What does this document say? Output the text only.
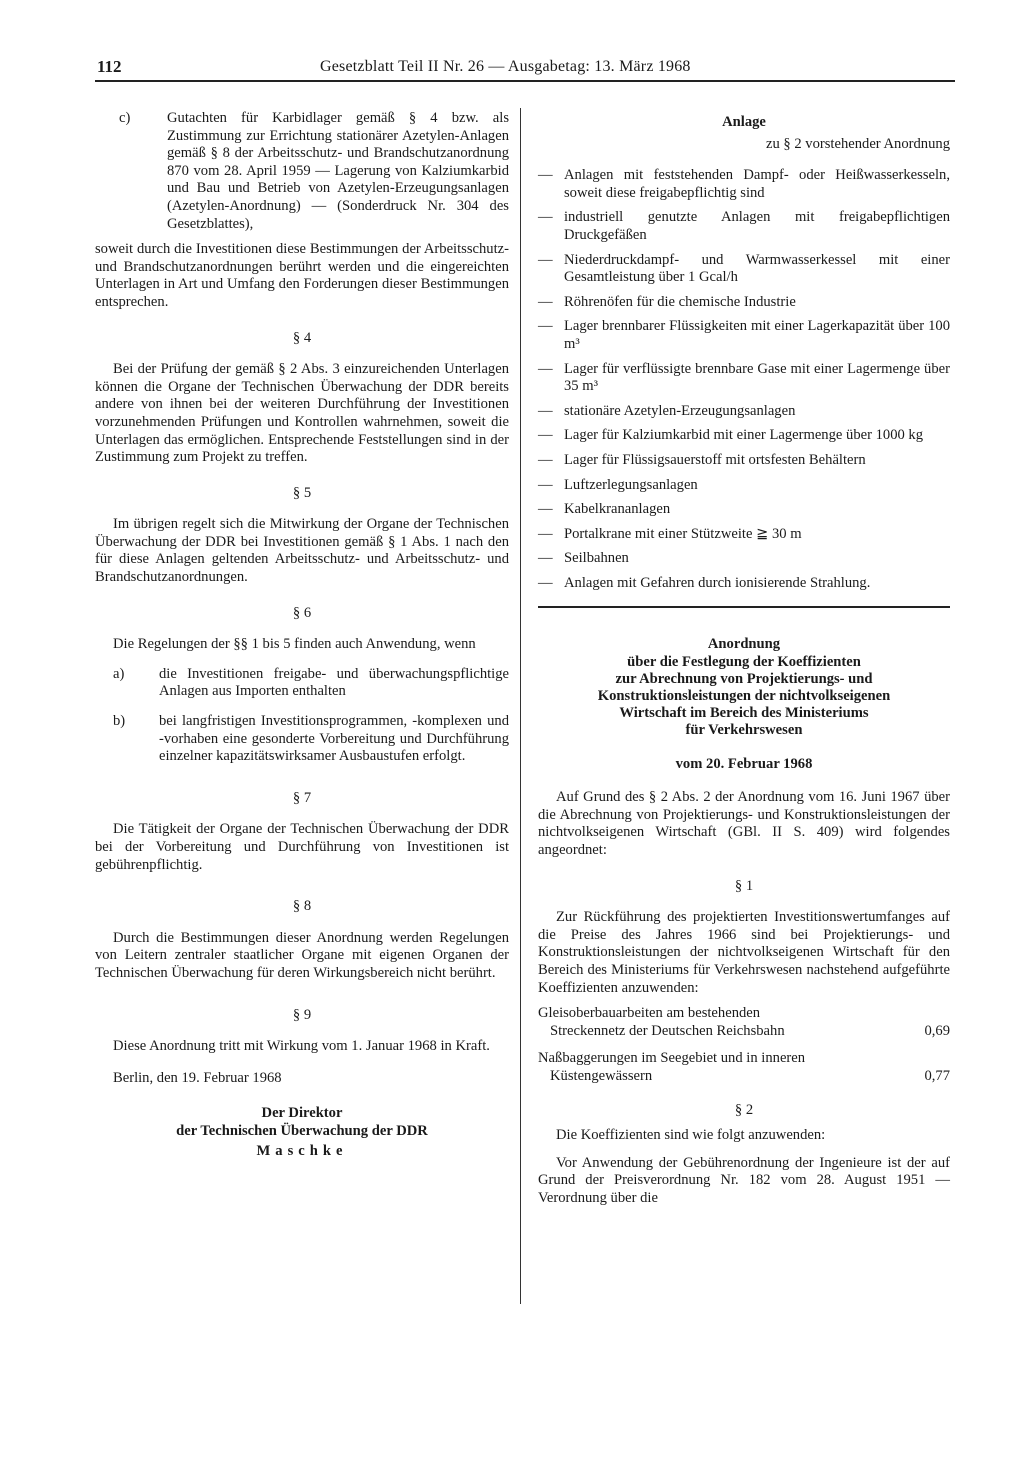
112	Gesetzblatt Teil II Nr. 26 — Ausgabetag: 13. März 1968
c)	Gutachten für Karbidlager gemäß § 4 bzw. als Zustimmung zur Errichtung stationärer Azetylen-Anlagen gemäß § 8 der Arbeitsschutz- und Brandschutzanordnung 870 vom 28. April 1959 — Lagerung von Kalziumkarbid und Bau und Betrieb von Azetylen-Erzeugungsanlagen (Azetylen-Anordnung) — (Sonderdruck Nr. 304 des Gesetzblattes),

soweit durch die Investitionen diese Bestimmungen der Arbeitsschutz- und Brandschutzanordnungen berührt werden und die eingereichten Unterlagen in Art und Umfang den Forderungen dieser Bestimmungen entsprechen.

§ 4

Bei der Prüfung der gemäß § 2 Abs. 3 einzureichenden Unterlagen können die Organe der Technischen Überwachung der DDR bereits andere von ihnen bei der weiteren Durchführung der Investitionen vorzunehmenden Prüfungen und Kontrollen wahrnehmen, soweit die Unterlagen das ermöglichen. Entsprechende Feststellungen sind in der Zustimmung zum Projekt zu treffen.

§ 5

Im übrigen regelt sich die Mitwirkung der Organe der Technischen Überwachung der DDR bei Investitionen gemäß § 1 Abs. 1 nach den für diese Anlagen geltenden Arbeitsschutz- und Arbeitsschutz- und Brandschutzanordnungen.

§ 6

Die Regelungen der §§ 1 bis 5 finden auch Anwendung, wenn

a)	die Investitionen freigabe- und überwachungspflichtige Anlagen aus Importen enthalten
b)	bei langfristigen Investitionsprogrammen, -komplexen und -vorhaben eine gesonderte Vorbereitung und Durchführung einzelner kapazitätswirksamer Ausbaustufen erfolgt.

§ 7

Die Tätigkeit der Organe der Technischen Überwachung der DDR bei der Vorbereitung und Durchführung von Investitionen ist gebührenpflichtig.

§ 8

Durch die Bestimmungen dieser Anordnung werden Regelungen von Leitern zentraler staatlicher Organe mit eigenen Organen der Technischen Überwachung für deren Wirkungsbereich nicht berührt.

§ 9

Diese Anordnung tritt mit Wirkung vom 1. Januar 1968 in Kraft.

Berlin, den 19. Februar 1968

Der Direktor

der Technischen Überwachung der DDR

Maschke

Anlage

zu § 2 vorstehender Anordnung

— Anlagen mit feststehenden Dampf- oder Heißwasserkesseln, soweit diese freigabepflichtig sind
— industriell genutzte Anlagen mit freigabepflichtigen Druckgefäßen
— Niederdruckdampf- und Warmwasserkessel mit einer Gesamtleistung über 1 Gcal/h
— Röhrenöfen für die chemische Industrie
— Lager brennbarer Flüssigkeiten mit einer Lagerkapazität über 100 m³
— Lager für verflüssigte brennbare Gase mit einer Lagermenge über 35 m³
— stationäre Azetylen-Erzeugungsanlagen
— Lager für Kalziumkarbid mit einer Lagermenge über 1000 kg
— Lager für Flüssigsauerstoff mit ortsfesten Behältern
— Luftzerlegungsanlagen
— Kabelkrananlagen
— Portalkrane mit einer Stützweite ≧ 30 m
— Seilbahnen
— Anlagen mit Gefahren durch ionisierende Strahlung.

Anordnung

über die Festlegung der Koeffizienten

zur Abrechnung von Projektierungs- und

Konstruktionsleistungen der nichtvolkseigenen

Wirtschaft im Bereich des Ministeriums

für Verkehrswesen

vom 20. Februar 1968

Auf Grund des § 2 Abs. 2 der Anordnung vom 16. Juni 1967 über die Abrechnung von Projektierungs- und Konstruktionsleistungen der nichtvolkseigenen Wirtschaft (GBl. II S. 409) wird folgendes angeordnet:

§ 1

Zur Rückführung des projektierten Investitionswertumfanges auf die Preise des Jahres 1966 sind bei Projektierungs- und Konstruktionsleistungen der nichtvolkseigenen Wirtschaft für den Bereich des Ministeriums für Verkehrswesen nachstehend aufgeführte Koeffizienten anzuwenden:

Gleisoberbauarbeiten am bestehenden
Streckennetz der Deutschen Reichsbahn	0,69

Naßbaggerungen im Seegebiet und in inneren
Küstengewässern	0,77

§ 2

Die Koeffizienten sind wie folgt anzuwenden:

Vor Anwendung der Gebührenordnung der Ingenieure ist der auf Grund der Preisverordnung Nr. 182 vom 28. August 1951 — Verordnung über die
